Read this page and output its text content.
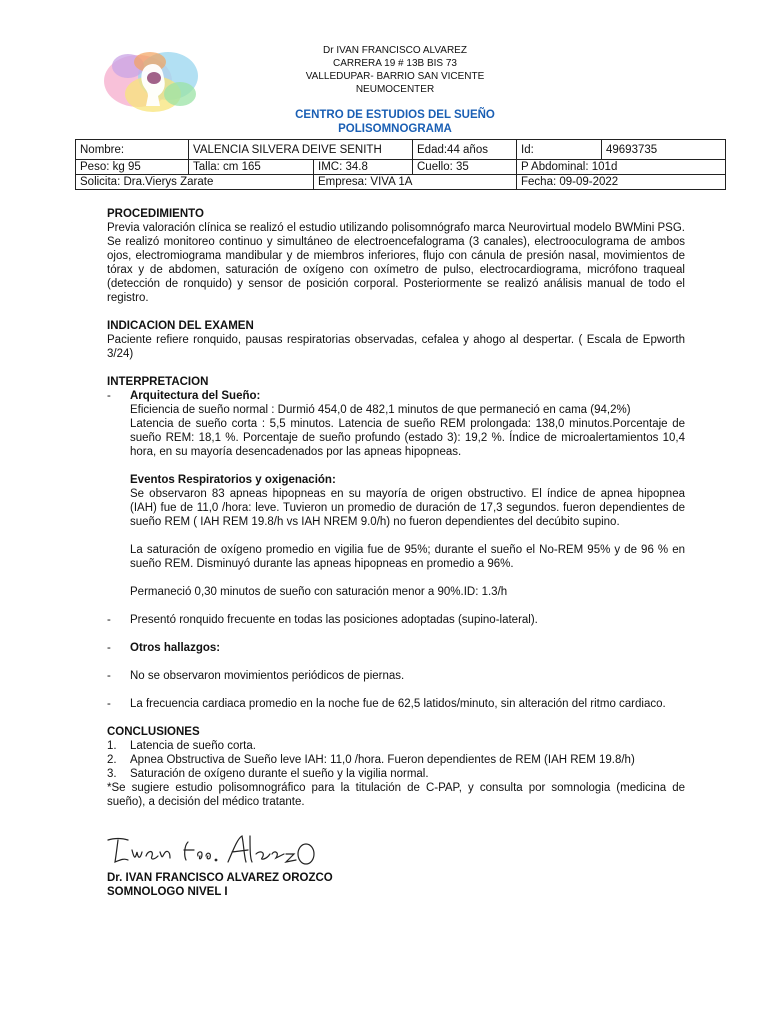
Dr IVAN FRANCISCO ALVAREZ
CARRERA 19 # 13B BIS 73
VALLEDUPAR- BARRIO SAN VICENTE
NEUMOCENTER
CENTRO DE ESTUDIOS DEL SUEÑO
POLISOMNOGRAMA
Nombre:	VALENCIA SILVERA DEIVE SENITH		Edad:44 años	Id:	49693735
Peso: kg 95	Talla: cm 165	IMC: 34.8	Cuello: 35	P Abdominal: 101d	
Solicita: Dra.Vierys Zarate		Empresa: VIVA 1A		Fecha: 09-09-2022	

PROCEDIMIENTO

Previa valoración clínica se realizó el estudio utilizando polisomnógrafo marca Neurovirtual modelo BWMini PSG. Se realizó monitoreo continuo y simultáneo de electroencefalograma (3 canales), electrooculograma de ambos ojos, electromiograma mandibular y de miembros inferiores, flujo con cánula de presión nasal, movimientos de tórax y de abdomen, saturación de oxígeno con oxímetro de pulso, electrocardiograma, micrófono traqueal (detección de ronquido) y sensor de posición corporal. Posteriormente se realizó análisis manual de todo el registro.

INDICACION DEL EXAMEN

Paciente refiere ronquido, pausas respiratorias observadas, cefalea y ahogo al despertar. ( Escala de Epworth 3/24)

INTERPRETACION

- Arquitectura del Sueño:

Eficiencia de sueño normal : Durmió 454,0 de 482,1 minutos de que permaneció en cama (94,2%)

Latencia de sueño corta : 5,5 minutos. Latencia de sueño REM prolongada: 138,0 minutos.Porcentaje de sueño REM: 18,1 %. Porcentaje de sueño profundo (estado 3): 19,2 %. Índice de microalertamientos 10,4 hora, en su mayoría desencadenados por las apneas hipopneas.

Eventos Respiratorios y oxigenación:

Se observaron 83 apneas hipopneas en su mayoría de origen obstructivo. El índice de apnea hipopnea (IAH) fue de 11,0 /hora: leve. Tuvieron un promedio de duración de 17,3 segundos. fueron dependientes de sueño REM ( IAH REM 19.8/h vs IAH NREM 9.0/h) no fueron dependientes del decúbito supino.

La saturación de oxígeno promedio en vigilia fue de 95%; durante el sueño el No-REM 95% y de 96 % en sueño REM. Disminuyó durante las apneas hipopneas en promedio a 96%.

Permaneció 0,30 minutos de sueño con saturación menor a 90%.ID: 1.3/h

- Presentó ronquido frecuente en todas las posiciones adoptadas (supino-lateral).

- Otros hallazgos:

- No se observaron movimientos periódicos de piernas.

- La frecuencia cardiaca promedio en la noche fue de 62,5 latidos/minuto, sin alteración del ritmo cardiaco.

CONCLUSIONES

1. Latencia de sueño corta.
2. Apnea Obstructiva de Sueño leve IAH: 11,0 /hora. Fueron dependientes de REM (IAH REM 19.8/h)
3. Saturación de oxígeno durante el sueño y la vigilia normal.

*Se sugiere estudio polisomnográfico para la titulación de C-PAP, y consulta por somnologia (medicina de sueño), a decisión del médico tratante.

Dr. IVAN FRANCISCO ALVAREZ OROZCO
SOMNOLOGO NIVEL I
